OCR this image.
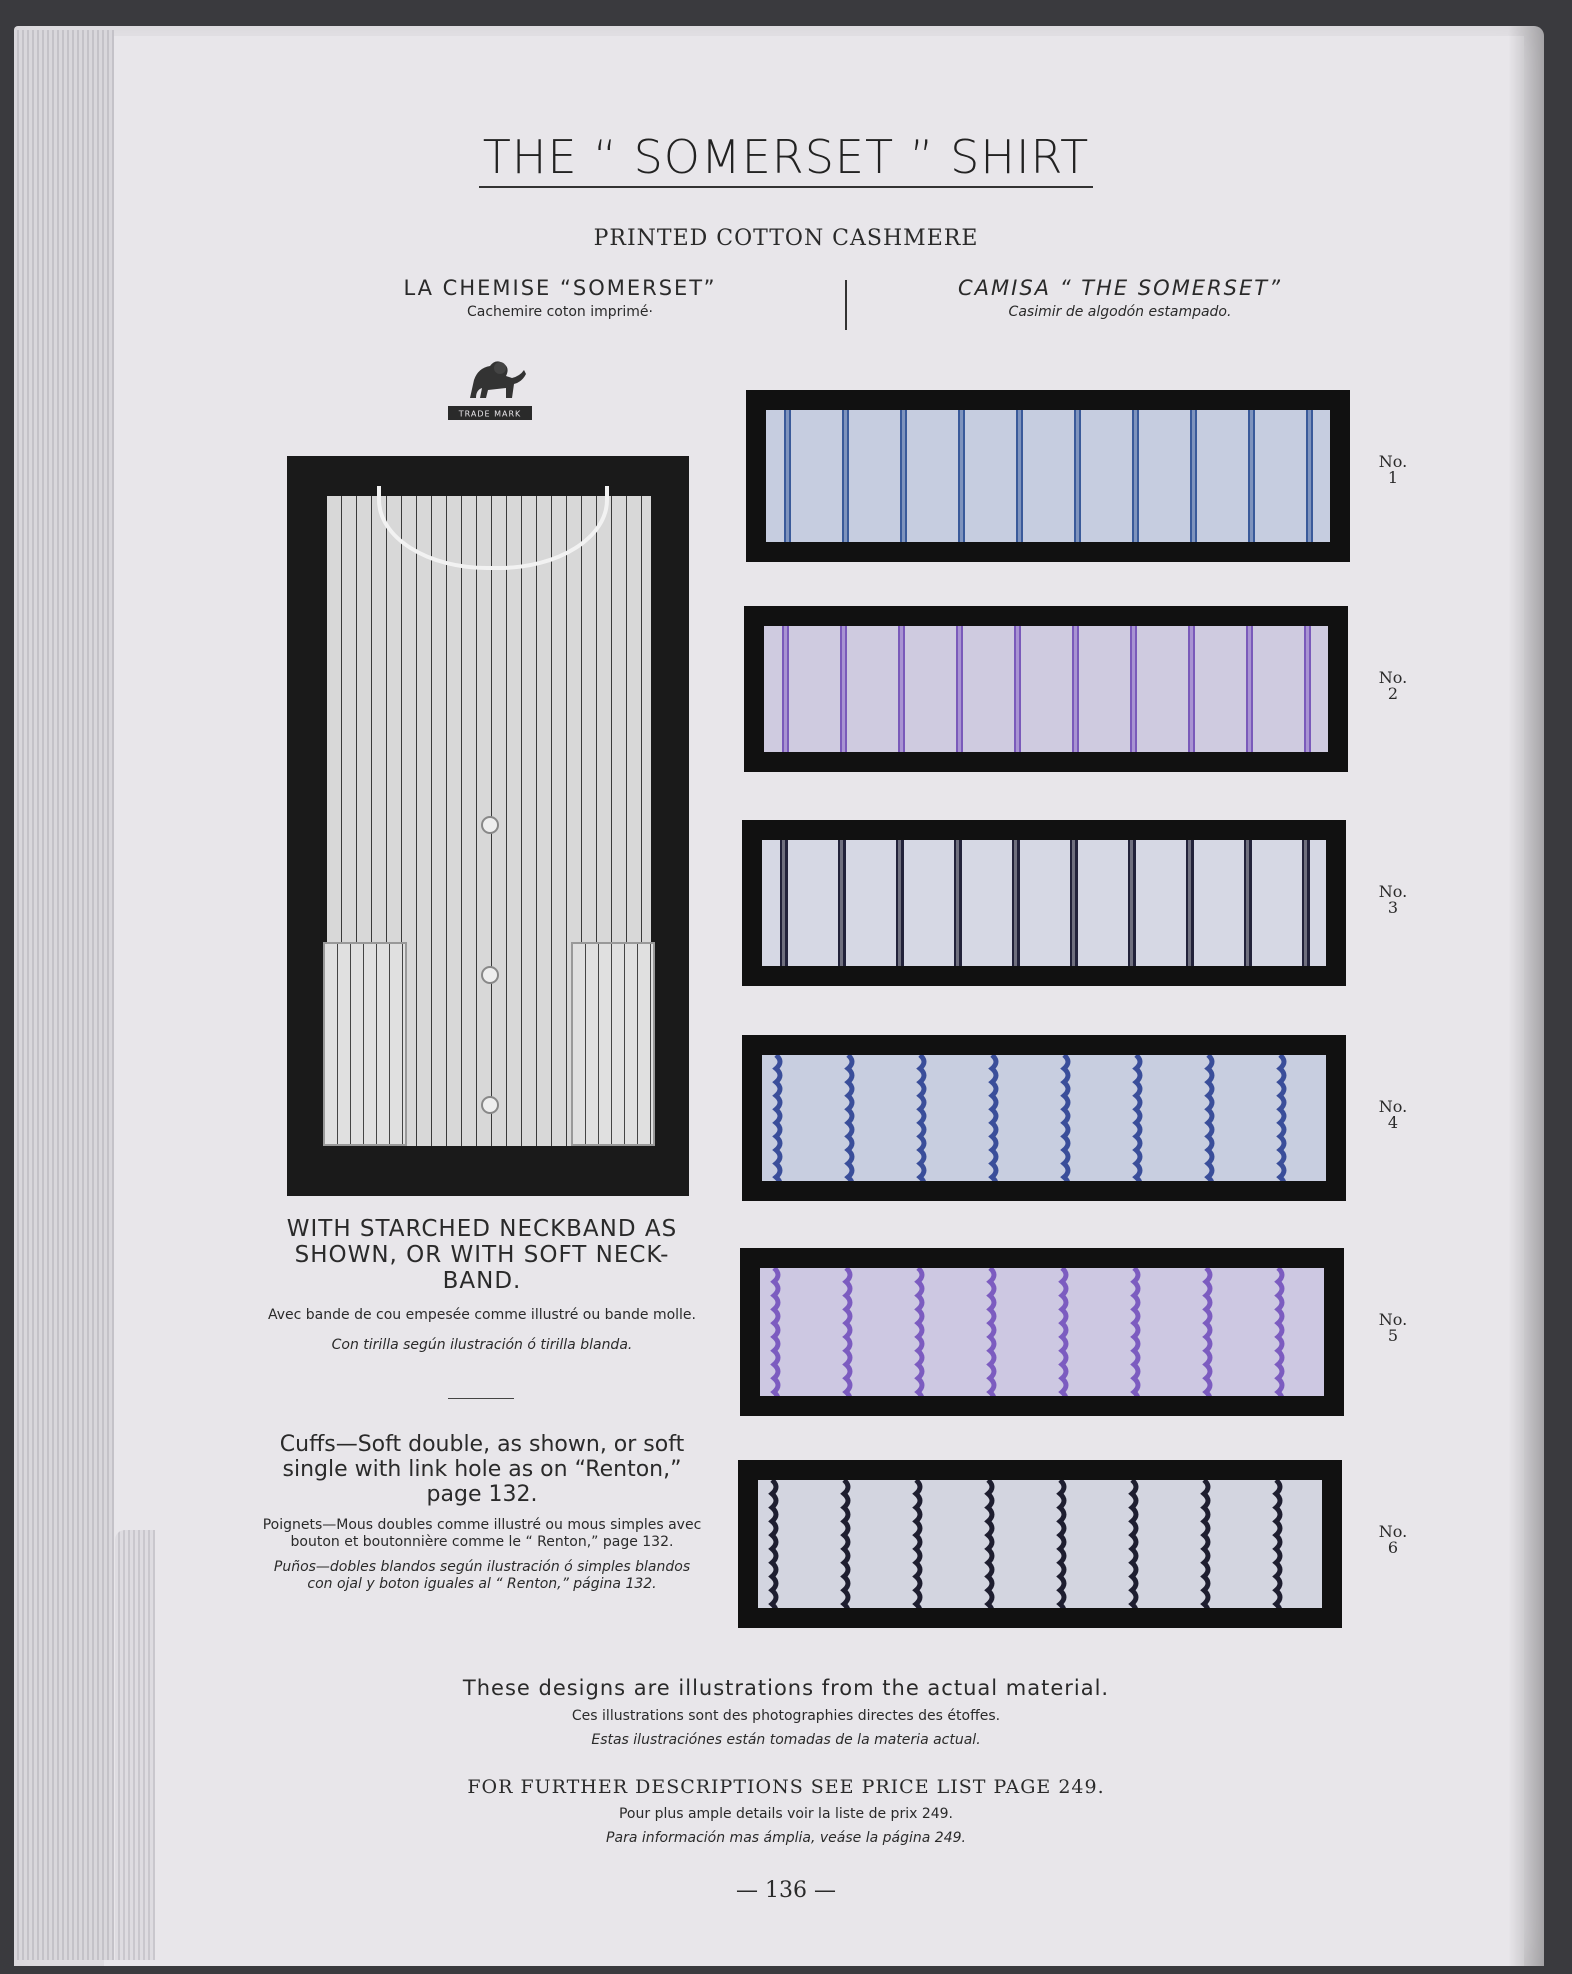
THE “ SOMERSET ” SHIRT
PRINTED COTTON CASHMERE
LA CHEMISE “SOMERSET”
Cachemire coton imprimé·
CAMISA “ THE SOMERSET”
Casimir de algodón estampado.
TRADE MARK
WITH STARCHED NECKBAND AS SHOWN, OR WITH SOFT NECK-BAND.
Avec bande de cou empesée comme illustré ou bande molle.
Con tirilla según ilustración ó tirilla blanda.
Cuffs—Soft double, as shown, or soft single with link hole as on “Renton,” page 132.
Poignets—Mous doubles comme illustré ou mous simples avec bouton et boutonnière comme le “ Renton,” page 132.
Puños—dobles blandos según ilustración ó simples blandos con ojal y boton iguales al “ Renton,” página 132.
No.
1
No.
2
No.
3
No.
4
No.
5
No.
6
These designs are illustrations from the actual material.
Ces illustrations sont des photographies directes des étoffes.
Estas ilustraciónes están tomadas de la materia actual.
FOR FURTHER DESCRIPTIONS SEE PRICE LIST PAGE 249.
Pour plus ample details voir la liste de prix 249.
Para información mas ámplia, veáse la página 249.
— 136 —
